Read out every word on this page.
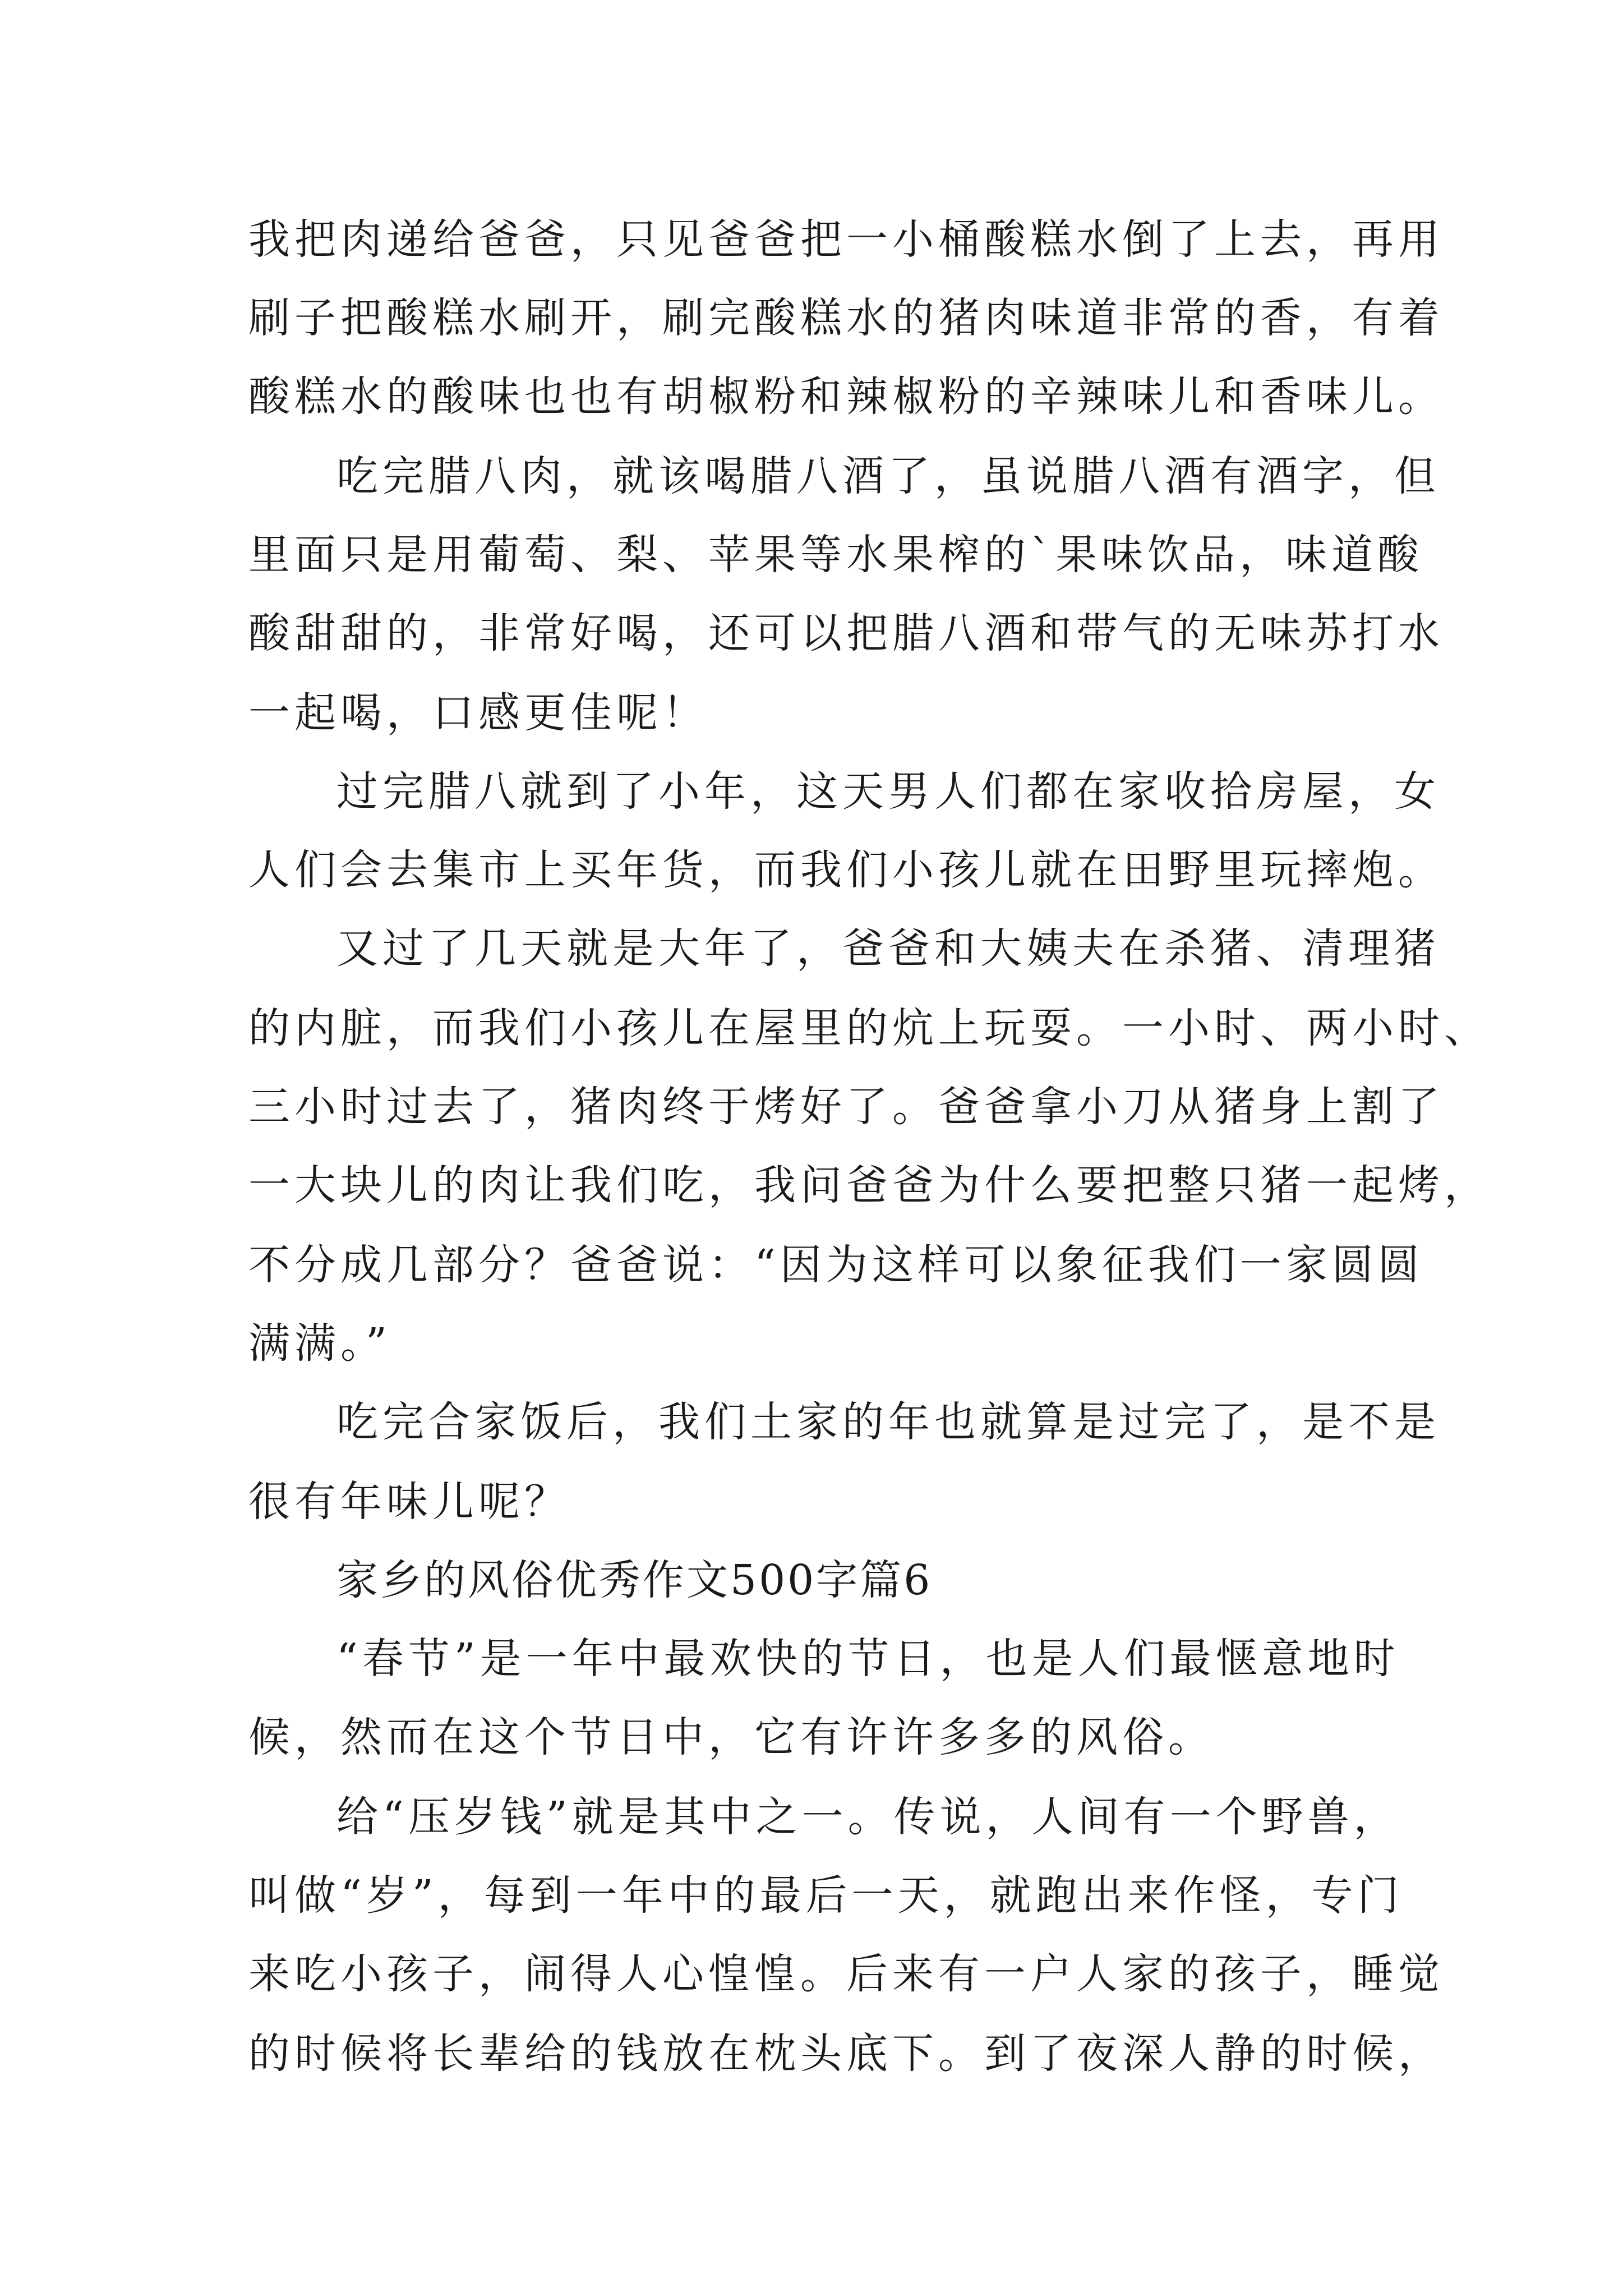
我把肉递给爸爸，只见爸爸把一小桶酸糕水倒了上去，再用
刷子把酸糕水刷开，刷完酸糕水的猪肉味道非常的香，有着
酸糕水的酸味也也有胡椒粉和辣椒粉的辛辣味儿和香味儿。
吃完腊八肉，就该喝腊八酒了，虽说腊八酒有酒字，但
里面只是用葡萄、梨、苹果等水果榨的`果味饮品，味道酸
酸甜甜的，非常好喝，还可以把腊八酒和带气的无味苏打水
一起喝，口感更佳呢！
过完腊八就到了小年，这天男人们都在家收拾房屋，女
人们会去集市上买年货，而我们小孩儿就在田野里玩摔炮。
又过了几天就是大年了，爸爸和大姨夫在杀猪、清理猪
的内脏，而我们小孩儿在屋里的炕上玩耍。一小时、两小时、
三小时过去了，猪肉终于烤好了。爸爸拿小刀从猪身上割了
一大块儿的肉让我们吃，我问爸爸为什么要把整只猪一起烤，
不分成几部分？爸爸说：“因为这样可以象征我们一家圆圆
满满。”
吃完合家饭后，我们土家的年也就算是过完了，是不是
很有年味儿呢？
家乡的风俗优秀作文500字篇6
“春节”是一年中最欢快的节日，也是人们最惬意地时
候，然而在这个节日中，它有许许多多的风俗。
给“压岁钱”就是其中之一。传说，人间有一个野兽，
叫做“岁”，每到一年中的最后一天，就跑出来作怪，专门
来吃小孩子，闹得人心惶惶。后来有一户人家的孩子，睡觉
的时候将长辈给的钱放在枕头底下。到了夜深人静的时候，
